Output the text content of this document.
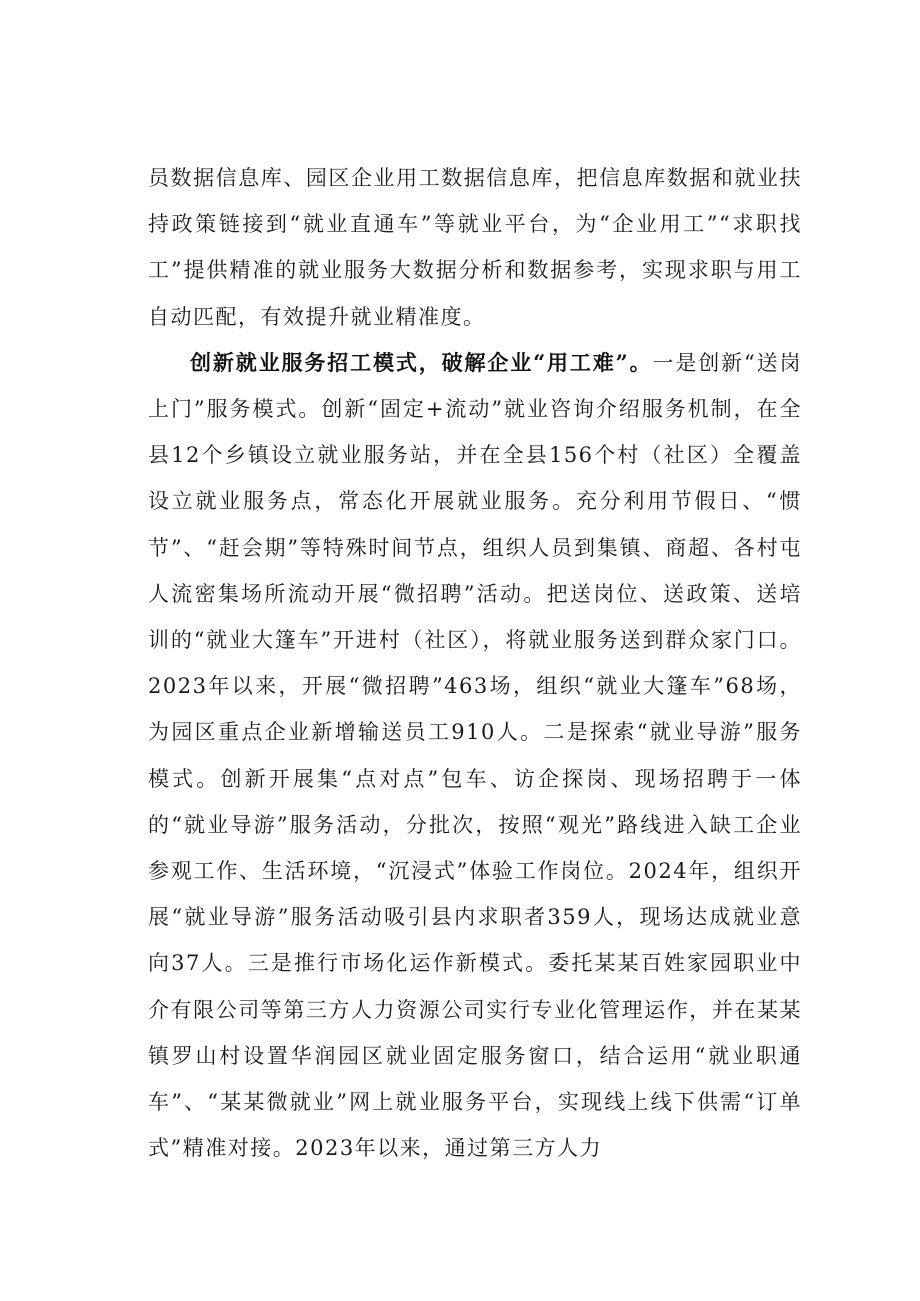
员数据信息库、园区企业用工数据信息库，把信息库数据和就业扶持政策链接到“就业直通车”等就业平台，为“企业用工”“求职找工”提供精准的就业服务大数据分析和数据参考，实现求职与用工自动匹配，有效提升就业精准度。

创新就业服务招工模式，破解企业“用工难”。一是创新“送岗上门”服务模式。创新“固定+流动”就业咨询介绍服务机制，在全县12个乡镇设立就业服务站，并在全县156个村（社区）全覆盖设立就业服务点，常态化开展就业服务。充分利用节假日、“惯节”、“赶会期”等特殊时间节点，组织人员到集镇、商超、各村屯人流密集场所流动开展“微招聘”活动。把送岗位、送政策、送培训的“就业大篷车”开进村（社区），将就业服务送到群众家门口。2023年以来，开展“微招聘”463场，组织“就业大篷车”68场，为园区重点企业新增输送员工910人。二是探索“就业导游”服务模式。创新开展集“点对点”包车、访企探岗、现场招聘于一体的“就业导游”服务活动，分批次，按照“观光”路线进入缺工企业参观工作、生活环境，“沉浸式”体验工作岗位。2024年，组织开展“就业导游”服务活动吸引县内求职者359人，现场达成就业意向37人。三是推行市场化运作新模式。委托某某百姓家园职业中介有限公司等第三方人力资源公司实行专业化管理运作，并在某某镇罗山村设置华润园区就业固定服务窗口，结合运用“就业职通车”、“某某微就业”网上就业服务平台，实现线上线下供需“订单式”精准对接。2023年以来，通过第三方人力
